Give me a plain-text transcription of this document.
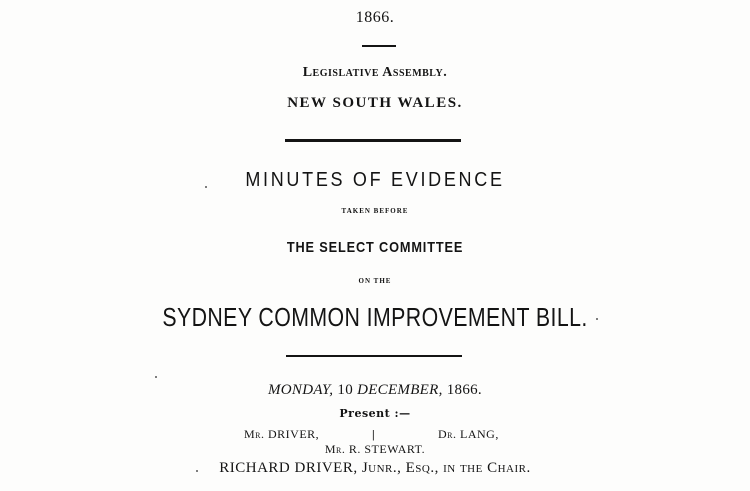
1866.
Legislative Assembly.
NEW SOUTH WALES.
MINUTES OF EVIDENCE
TAKEN BEFORE
THE SELECT COMMITTEE
ON THE
SYDNEY COMMON IMPROVEMENT BILL.
MONDAY, 10 DECEMBER, 1866.
Present :—
Mr. DRIVER,	|	Dr. LANG,
Mr. R. STEWART.
RICHARD DRIVER, Junr., Esq., in the Chair.
